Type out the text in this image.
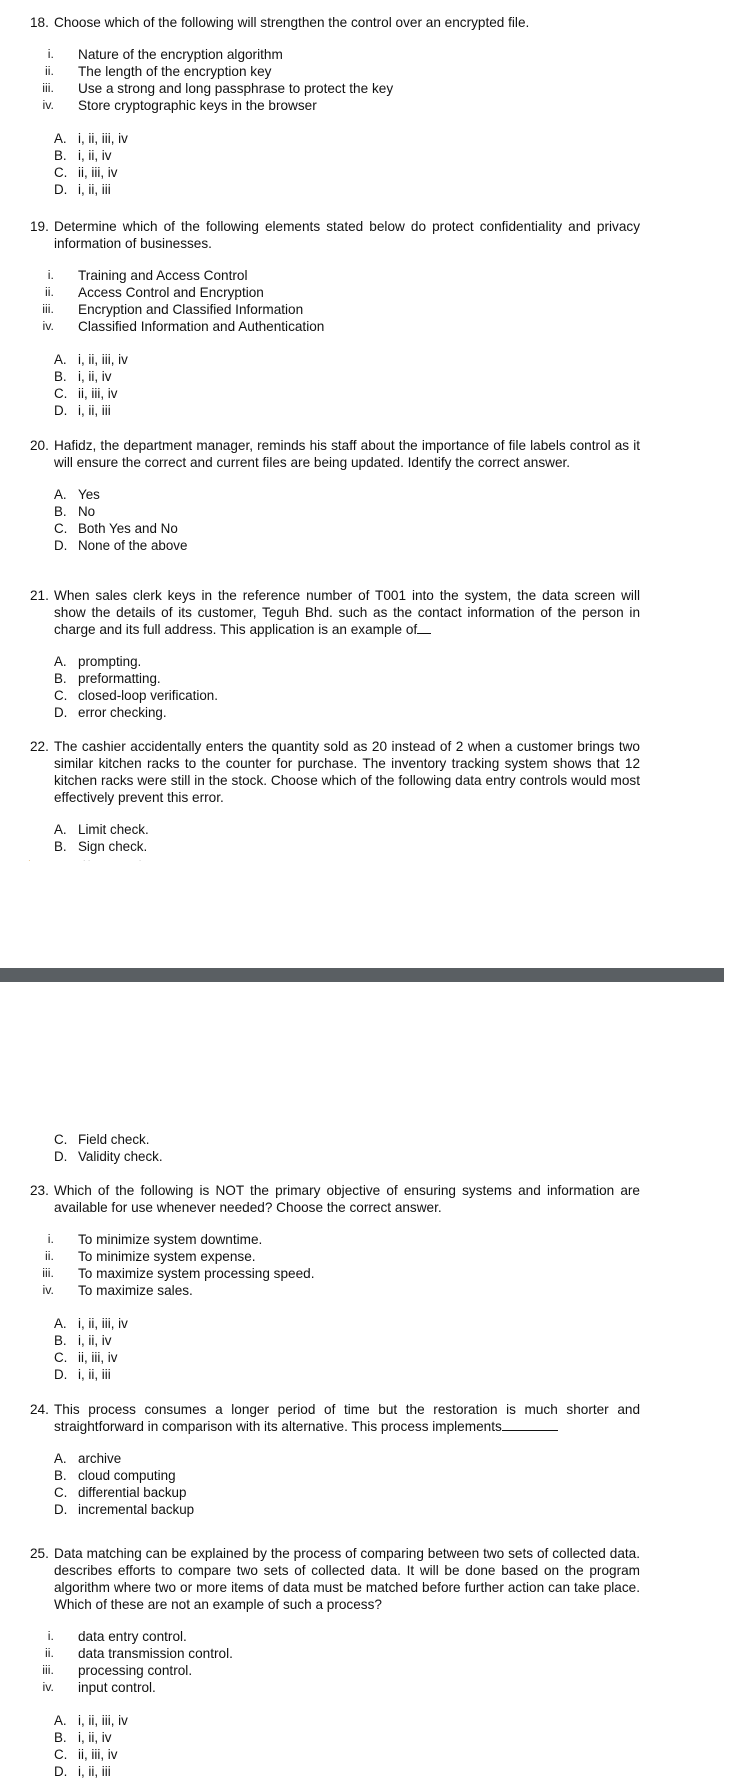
18. Choose which of the following will strengthen the control over an encrypted file.
i. Nature of the encryption algorithm
ii. The length of the encryption key
iii. Use a strong and long passphrase to protect the key
iv. Store cryptographic keys in the browser
A. i, ii, iii, iv
B. i, ii, iv
C. ii, iii, iv
D. i, ii, iii
19. Determine which of the following elements stated below do protect confidentiality and privacy information of businesses.
i. Training and Access Control
ii. Access Control and Encryption
iii. Encryption and Classified Information
iv. Classified Information and Authentication
A. i, ii, iii, iv
B. i, ii, iv
C. ii, iii, iv
D. i, ii, iii
20. Hafidz, the department manager, reminds his staff about the importance of file labels control as it will ensure the correct and current files are being updated. Identify the correct answer.
A. Yes
B. No
C. Both Yes and No
D. None of the above
21. When sales clerk keys in the reference number of T001 into the system, the data screen will show the details of its customer, Teguh Bhd. such as the contact information of the person in charge and its full address. This application is an example of
A. prompting.
B. preformatting.
C. closed-loop verification.
D. error checking.
22. The cashier accidentally enters the quantity sold as 20 instead of 2 when a customer brings two similar kitchen racks to the counter for purchase. The inventory tracking system shows that 12 kitchen racks were still in the stock. Choose which of the following data entry controls would most effectively prevent this error.
A. Limit check.
B. Sign check.
·	· ·	·
C. Field check.
D. Validity check.
23. Which of the following is NOT the primary objective of ensuring systems and information are available for use whenever needed? Choose the correct answer.
i. To minimize system downtime.
ii. To minimize system expense.
iii. To maximize system processing speed.
iv. To maximize sales.
A. i, ii, iii, iv
B. i, ii, iv
C. ii, iii, iv
D. i, ii, iii
24. This process consumes a longer period of time but the restoration is much shorter and straightforward in comparison with its alternative. This process implements
A. archive
B. cloud computing
C. differential backup
D. incremental backup
25. Data matching can be explained by the process of comparing between two sets of collected data. describes efforts to compare two sets of collected data. It will be done based on the program algorithm where two or more items of data must be matched before further action can take place. Which of these are not an example of such a process?
i. data entry control.
ii. data transmission control.
iii. processing control.
iv. input control.
A. i, ii, iii, iv
B. i, ii, iv
C. ii, iii, iv
D. i, ii, iii
